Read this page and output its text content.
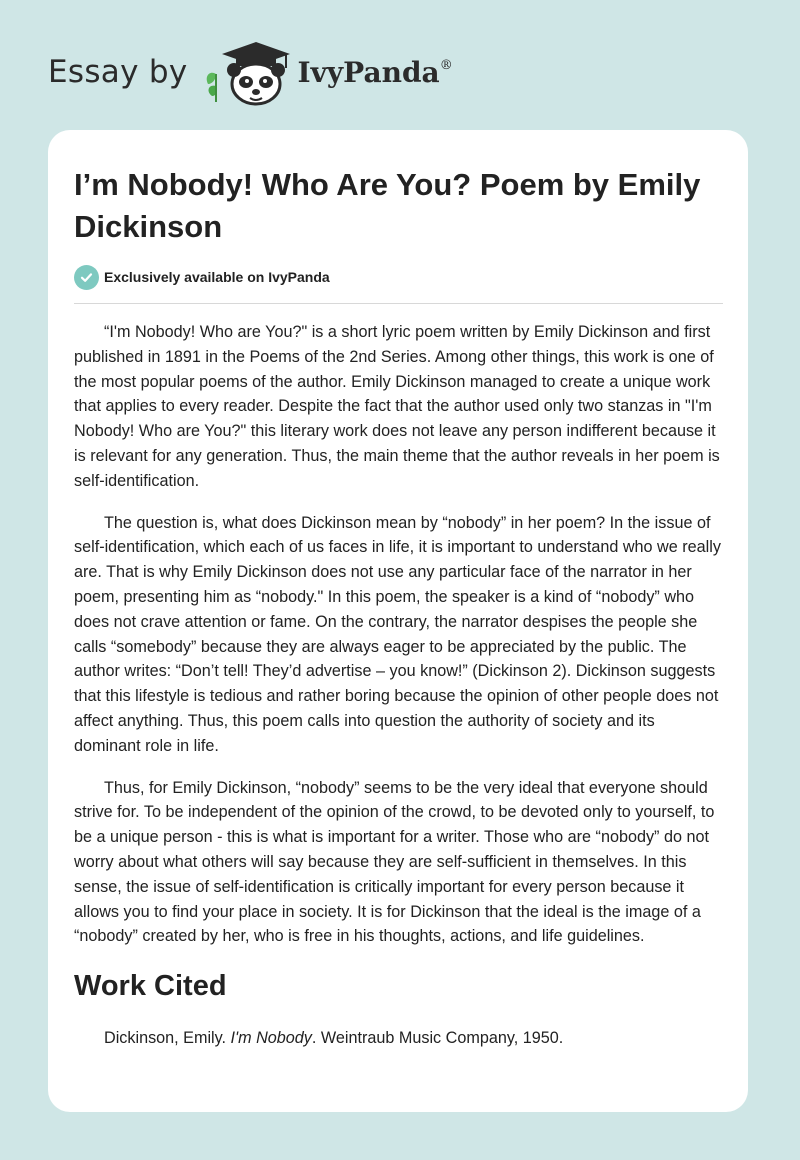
Essay by	IvyPanda®
I’m Nobody! Who Are You? Poem by Emily Dickinson
Exclusively available on IvyPanda

“I'm Nobody! Who are You?" is a short lyric poem written by Emily Dickinson and first published in 1891 in the Poems of the 2nd Series. Among other things, this work is one of the most popular poems of the author. Emily Dickinson managed to create a unique work that applies to every reader. Despite the fact that the author used only two stanzas in "I'm Nobody! Who are You?" this literary work does not leave any person indifferent because it is relevant for any generation. Thus, the main theme that the author reveals in her poem is self-identification.

The question is, what does Dickinson mean by “nobody” in her poem? In the issue of self-identification, which each of us faces in life, it is important to understand who we really are. That is why Emily Dickinson does not use any particular face of the narrator in her poem, presenting him as “nobody." In this poem, the speaker is a kind of “nobody” who does not crave attention or fame. On the contrary, the narrator despises the people she calls “somebody” because they are always eager to be appreciated by the public. The author writes: “Don’t tell! They’d advertise – you know!” (Dickinson 2). Dickinson suggests that this lifestyle is tedious and rather boring because the opinion of other people does not affect anything. Thus, this poem calls into question the authority of society and its dominant role in life.

Thus, for Emily Dickinson, “nobody” seems to be the very ideal that everyone should strive for. To be independent of the opinion of the crowd, to be devoted only to yourself, to be a unique person - this is what is important for a writer. Those who are “nobody” do not worry about what others will say because they are self-sufficient in themselves. In this sense, the issue of self-identification is critically important for every person because it allows you to find your place in society. It is for Dickinson that the ideal is the image of a “nobody” created by her, who is free in his thoughts, actions, and life guidelines.

Work Cited

Dickinson, Emily. I'm Nobody. Weintraub Music Company, 1950.
